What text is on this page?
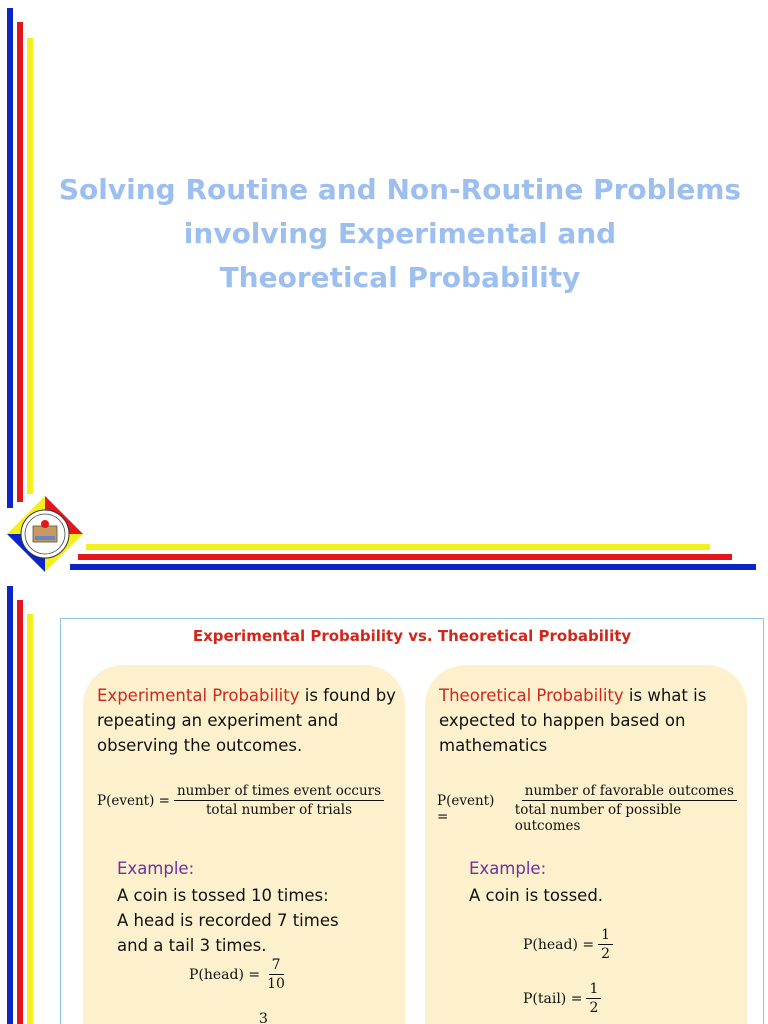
Solving Routine and Non-Routine Problems
involving Experimental and
Theoretical Probability
Experimental Probability vs. Theoretical Probability
Experimental Probability is found by repeating an experiment and observing the outcomes.
P(event) = $\frac{\text{number of times event occurs}}{\text{total number of trials}}$
Example:
A coin is tossed 10 times:
A head is recorded 7 times
and a tail 3 times.
P(head) = $\frac{7}{10}$
3
Theoretical Probability is what is expected to happen based on mathematics
P(event) =	$\frac{\text{number of favorable outcomes}}{\text{total number of possible outcomes}}$
Example:
A coin is tossed.
P(head) = $\frac{1}{2}$
P(tail) = $\frac{1}{2}$
